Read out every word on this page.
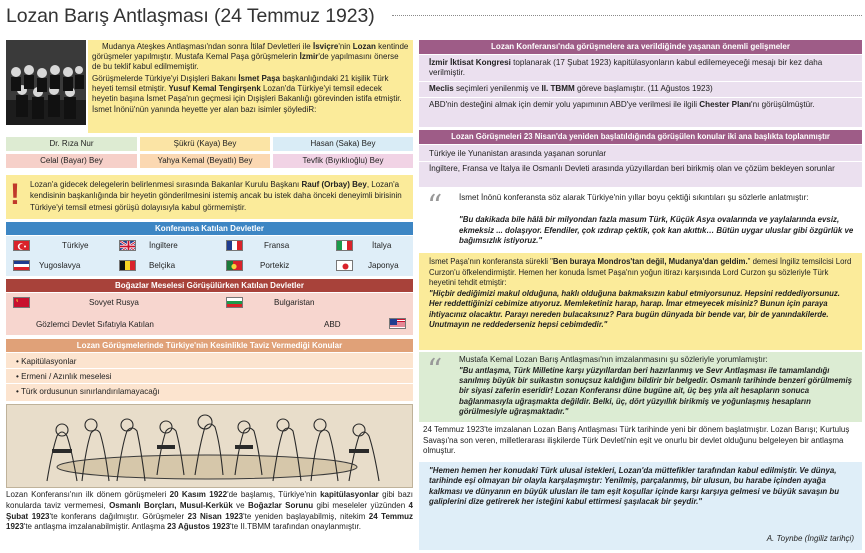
Lozan Barış Antlaşması (24 Temmuz 1923)
Mudanya Ateşkes Antlaşması'ndan sonra İtilaf Devletleri ile İsviçre'nin Lozan kentinde görüşmeler yapılmıştır. Mustafa Kemal Paşa görüşmelerin İzmir'de yapılmasını önerse de bu teklif kabul edilmemiştir.
Görüşmelerde Türkiye'yi Dışişleri Bakanı İsmet Paşa başkanlığındaki 21 kişilik Türk heyeti temsil etmiştir. Yusuf Kemal Tengirşenk Lozan'da Türkiye'yi temsil edecek heyetin başına İsmet Paşa'nın geçmesi için Dışişleri Bakanlığı görevinden istifa etmiştir. İsmet İnönü'nün yanında heyette yer alan bazı isimler şöylediR:
Dr. Rıza Nur	Şükrü (Kaya) Bey	Hasan (Saka) Bey
Celal (Bayar) Bey	Yahya Kemal (Beyatlı) Bey	Tevfik (Bıyıklıoğlu) Bey
! Lozan'a gidecek delegelerin belirlenmesi sırasında Bakanlar Kurulu Başkanı Rauf (Orbay) Bey, Lozan'a kendisinin başkanlığında bir heyetin gönderilmesini istemiş ancak bu istek daha önceki deneyimli birisinin Türkiye'yi temsil etmesi görüşü dolayısıyla kabul görmemiştir.
Konferansa Katılan Devletler
Türkiye	İngiltere	Fransa	İtalya
Yugoslavya	Belçika	Portekiz	Japonya
Boğazlar Meselesi Görüşülürken Katılan Devletler
Sovyet Rusya	Bulgaristan
Gözlemci Devlet Sıfatıyla Katılan	ABD
Lozan Görüşmelerinde Türkiye'nin Kesinlikle Taviz Vermediği Konular
• Kapitülasyonlar
• Ermeni / Azınlık meselesi
• Türk ordusunun sınırlandırılamayacağı
Lozan Konferansı'nın ilk dönem görüşmeleri 20 Kasım 1922'de başlamış, Türkiye'nin kapitülasyonlar gibi bazı konularda taviz vermemesi, Osmanlı Borçları, Musul-Kerkük ve Boğazlar Sorunu gibi meseleler yüzünden 4 Şubat 1923'te konferans dağılmıştır. Görüşmeler 23 Nisan 1923'te yeniden başlayabilmiş, nitekim 24 Temmuz 1923'te antlaşma imzalanabilmiştir. Antlaşma 23 Ağustos 1923'te II.TBMM tarafından onaylanmıştır.
Lozan Konferansı'nda görüşmelere ara verildiğinde yaşanan önemli gelişmeler
İzmir İktisat Kongresi toplanarak (17 Şubat 1923) kapitülasyonların kabul edilemeyeceği mesajı bir kez daha verilmiştir.
Meclis seçimleri yenilenmiş ve II. TBMM göreve başlamıştır. (11 Ağustos 1923)
ABD'nin desteğini almak için demir yolu yapımının ABD'ye verilmesi ile ilgili Chester Planı'nı görüşülmüştür.
Lozan Görüşmeleri 23 Nisan'da yeniden başlatıldığında görüşülen konular iki ana başlıkta toplanmıştır
Türkiye ile Yunanistan arasında yaşanan sorunlar
İngiltere, Fransa ve İtalya ile Osmanlı Devleti arasında yüzyıllardan beri birikmiş olan ve çözüm bekleyen sorunlar
“ İsmet İnönü konferansta söz alarak Türkiye'nin yıllar boyu çektiği sıkıntıları şu sözlerle anlatmıştır:
"Bu dakikada bile hâlâ bir milyondan fazla masum Türk, Küçük Asya ovalarında ve yaylalarında evsiz, ekmeksiz ... dolaşıyor. Efendiler, çok ızdırap çektik, çok kan akıttık… Bütün uygar uluslar gibi özgürlük ve bağımsızlık istiyoruz."
İsmet Paşa'nın konferansta sürekli "Ben buraya Mondros'tan değil, Mudanya'dan geldim." demesi İngiliz temsilcisi Lord Curzon'u öfkelendirmiştir. Hemen her konuda İsmet Paşa'nın yoğun itirazı karşısında Lord Curzon şu sözleriyle Türk heyetini tehdit etmiştir:
"Hiçbir dediğimizi makul olduğuna, haklı olduğuna bakmaksızın kabul etmiyorsunuz. Hepsini reddediyorsunuz. Her reddettiğinizi cebimize atıyoruz. Memleketiniz harap, harap. İmar etmeyecek misiniz? Bunun için paraya ihtiyacınız olacaktır. Parayı nereden bulacaksınız? Para bugün dünyada bir bende var, bir de yanındakilerde. Unutmayın ne reddederseniz hepsi cebimdedir."
“ Mustafa Kemal Lozan Barış Antlaşması'nın imzalanmasını şu sözleriyle yorumlamıştır:
"Bu antlaşma, Türk Milletine karşı yüzyıllardan beri hazırlanmış ve Sevr Antlaşması ile tamamlandığı sanılmış büyük bir suikastın sonuçsuz kaldığını bildirir bir belgedir. Osmanlı tarihinde benzeri görülmemiş bir siyasi zaferin eseridir! Lozan Konferansı düne bugüne ait, üç beş yıla ait hesapların sonuca bağlanmasıyla uğraşmakta değildir. Belki, üç, dört yüzyıllık birikmiş ve yoğunlaşmış hesapların görülmesiyle uğraşmaktadır."
24 Temmuz 1923'te imzalanan Lozan Barış Antlaşması Türk tarihinde yeni bir dönem başlatmıştır. Lozan Barışı; Kurtuluş Savaşı'na son veren, milletlerarası ilişkilerde Türk Devleti'nin eşit ve onurlu bir devlet olduğunu belgeleyen bir antlaşma olmuştur.
"Hemen hemen her konudaki Türk ulusal istekleri, Lozan'da müttefikler tarafından kabul edilmiştir. Ve dünya, tarihinde eşi olmayan bir olayla karşılaşmıştır: Yenilmiş, parçalanmış, bir ulusun, bu harabe içinden ayağa kalkması ve dünyanın en büyük ulusları ile tam eşit koşullar içinde karşı karşıya gelmesi ve büyük savaşın bu galiplerini dize getirerek her isteğini kabul ettirmesi şaşılacak bir şeydir."
A. Toynbe (İngiliz tarihçi)
